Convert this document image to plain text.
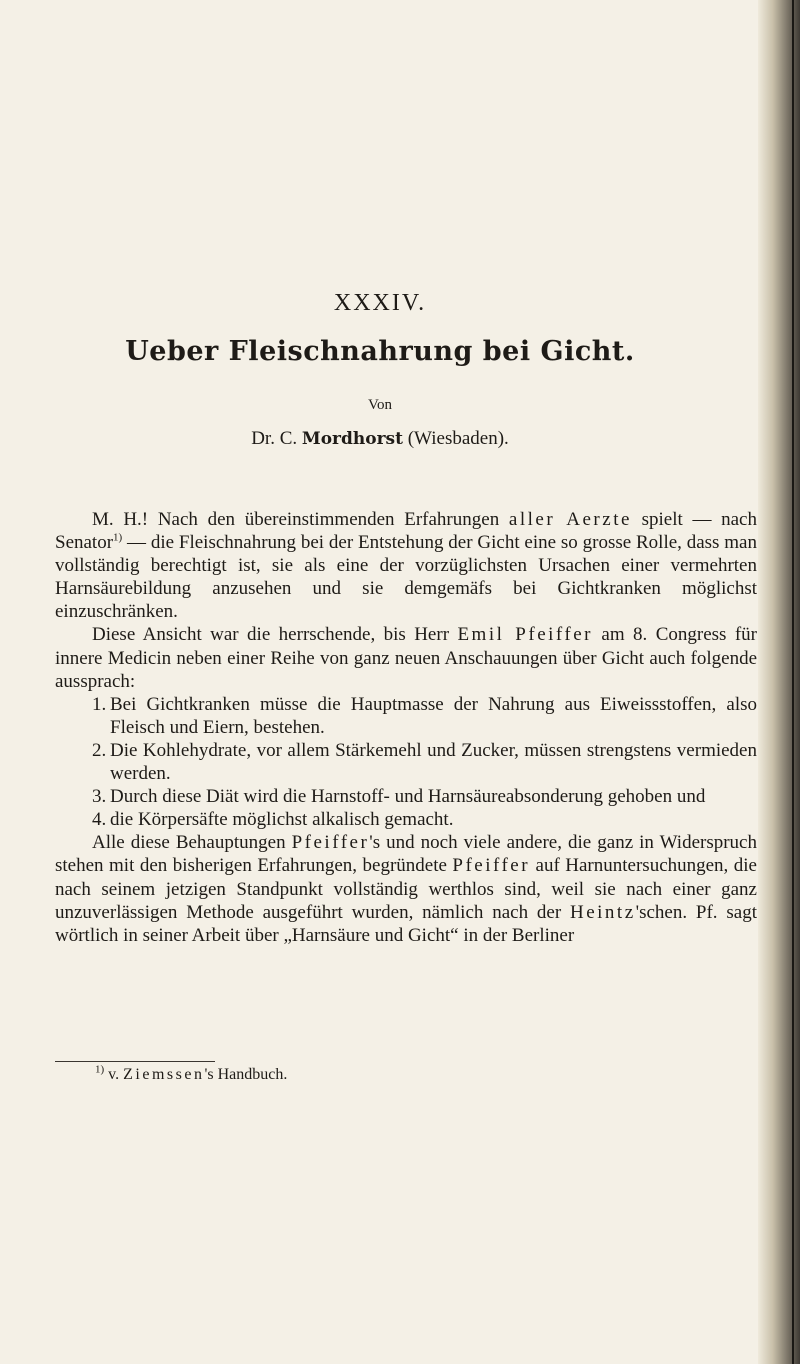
XXXIV.
Ueber Fleischnahrung bei Gicht.
Von
Dr. C. Mordhorst (Wiesbaden).

M. H.! Nach den übereinstimmenden Erfahrungen aller Aerzte spielt — nach Senator$^{1)}$ — die Fleischnahrung bei der Entstehung der Gicht eine so grosse Rolle, dass man vollständig berechtigt ist, sie als eine der vorzüglichsten Ursachen einer vermehrten Harnsäurebildung anzusehen und sie demgemäfs bei Gichtkranken möglichst einzuschränken.

Diese Ansicht war die herrschende, bis Herr Emil Pfeiffer am 8. Congress für innere Medicin neben einer Reihe von ganz neuen Anschauungen über Gicht auch folgende aussprach:

1. Bei Gichtkranken müsse die Hauptmasse der Nahrung aus Eiweissstoffen, also Fleisch und Eiern, bestehen.
2. Die Kohlehydrate, vor allem Stärkemehl und Zucker, müssen strengstens vermieden werden.
3. Durch diese Diät wird die Harnstoff- und Harnsäureabsonderung gehoben und
4. die Körpersäfte möglichst alkalisch gemacht.

Alle diese Behauptungen Pfeiffer's und noch viele andere, die ganz in Widerspruch stehen mit den bisherigen Erfahrungen, begründete Pfeiffer auf Harnuntersuchungen, die nach seinem jetzigen Standpunkt vollständig werthlos sind, weil sie nach einer ganz unzuverlässigen Methode ausgeführt wurden, nämlich nach der Heintz'schen. Pf. sagt wörtlich in seiner Arbeit über „Harnsäure und Gicht“ in der Berliner

$^{1)}$ v. Ziemssen's Handbuch.
